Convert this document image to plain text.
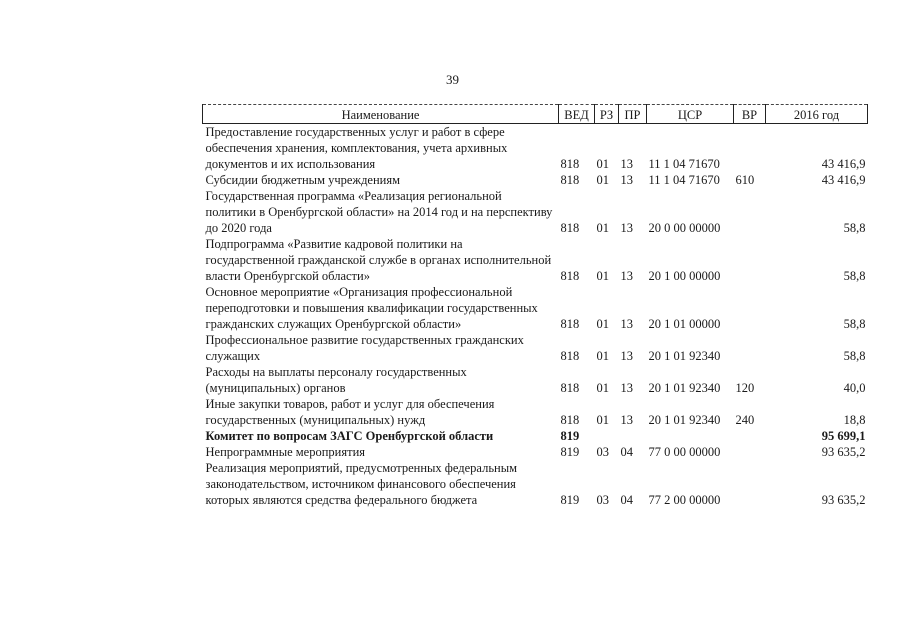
39
Наименование	ВЕД	РЗ	ПР	ЦСР	ВР	2016 год
Предоставление государственных услуг и работ в сфере обеспечения хранения, комплектования, учета архивных документов и их использования	818	01	13	11 1 04 71670		43 416,9
Субсидии бюджетным учреждениям	818	01	13	11 1 04 71670	610	43 416,9
Государственная программа «Реализация региональной политики в Оренбургской области» на 2014 год и на перспективу до 2020 года	818	01	13	20 0 00 00000		58,8
Подпрограмма «Развитие кадровой политики на государственной гражданской службе в органах исполнительной власти Оренбургской области»	818	01	13	20 1 00 00000		58,8
Основное мероприятие «Организация профессиональной переподготовки и повышения квалификации государственных гражданских служащих Оренбургской области»	818	01	13	20 1 01 00000		58,8
Профессиональное развитие государственных гражданских служащих	818	01	13	20 1 01 92340		58,8
Расходы на выплаты персоналу государственных (муниципальных) органов	818	01	13	20 1 01 92340	120	40,0
Иные закупки товаров, работ и услуг для обеспечения государственных (муниципальных) нужд	818	01	13	20 1 01 92340	240	18,8
Комитет по вопросам ЗАГС Оренбургской области	819					95 699,1
Непрограммные мероприятия	819	03	04	77 0 00 00000		93 635,2
Реализация мероприятий, предусмотренных федеральным законодательством, источником финансового обеспечения которых являются средства федерального бюджета	819	03	04	77 2 00 00000		93 635,2
